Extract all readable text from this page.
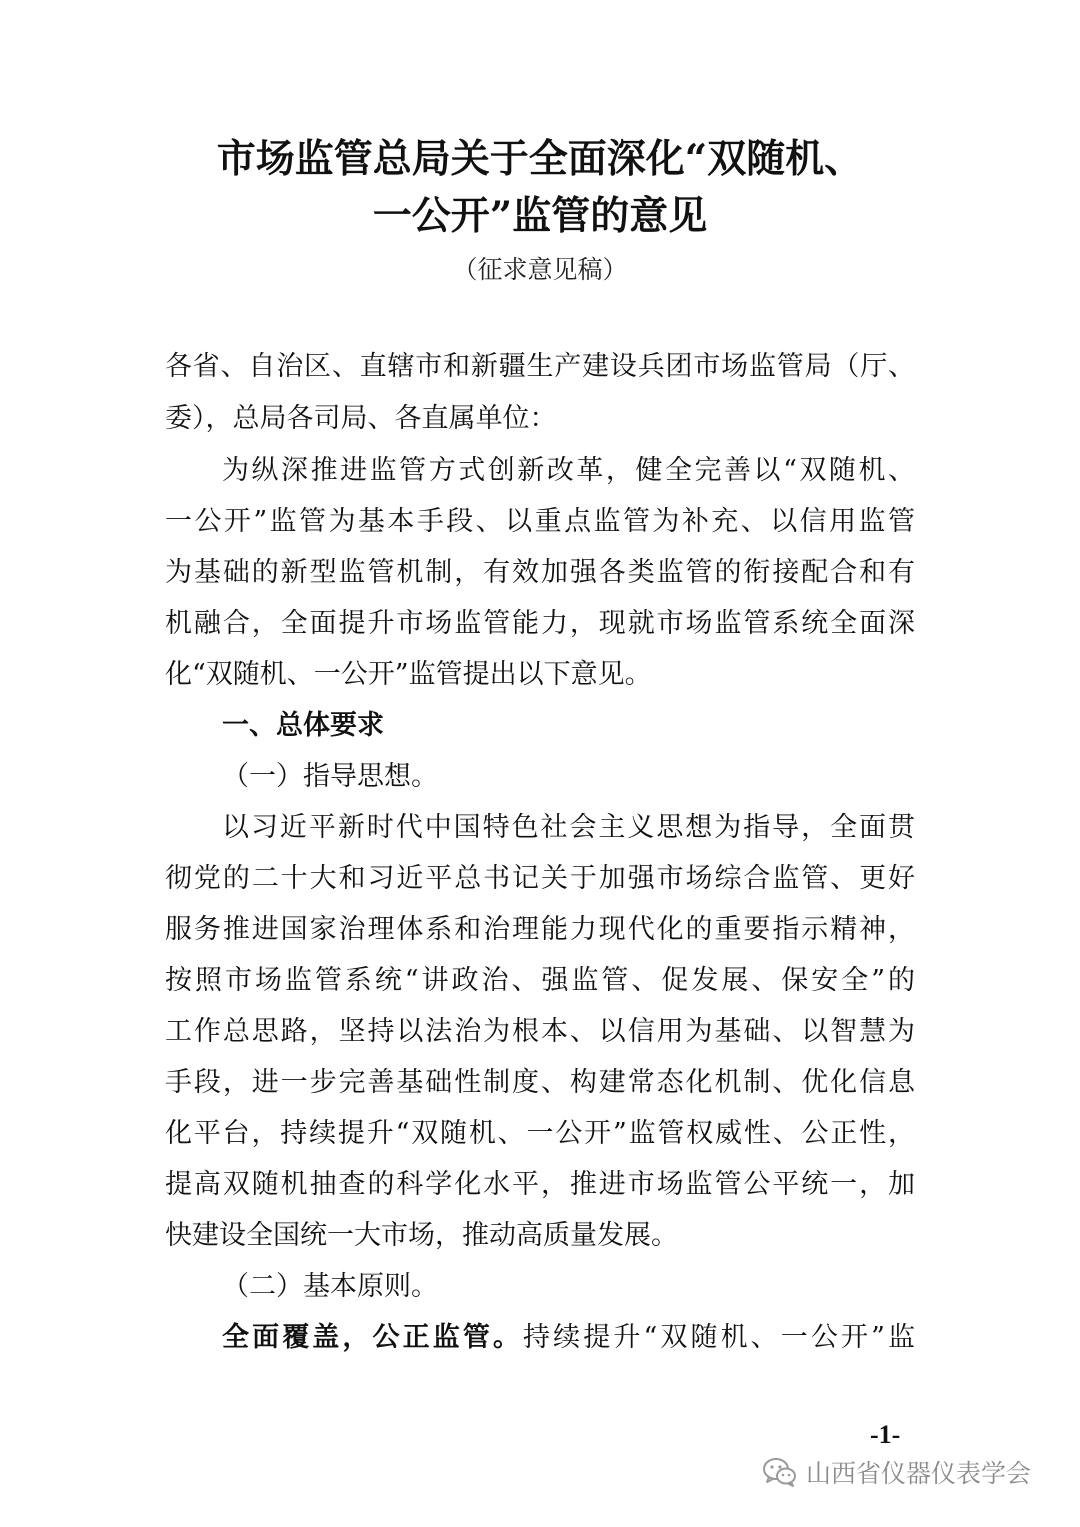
市场监管总局关于全面深化“双随机、
一公开”监管的意见
（征求意见稿）
各省、自治区、直辖市和新疆生产建设兵团市场监管局（厅、
委），总局各司局、各直属单位：
为纵深推进监管方式创新改革，健全完善以“双随机、
一公开”监管为基本手段、以重点监管为补充、以信用监管
为基础的新型监管机制，有效加强各类监管的衔接配合和有
机融合，全面提升市场监管能力，现就市场监管系统全面深
化“双随机、一公开”监管提出以下意见。
一、总体要求
（一）指导思想。
以习近平新时代中国特色社会主义思想为指导，全面贯
彻党的二十大和习近平总书记关于加强市场综合监管、更好
服务推进国家治理体系和治理能力现代化的重要指示精神，
按照市场监管系统“讲政治、强监管、促发展、保安全”的
工作总思路，坚持以法治为根本、以信用为基础、以智慧为
手段，进一步完善基础性制度、构建常态化机制、优化信息
化平台，持续提升“双随机、一公开”监管权威性、公正性，
提高双随机抽查的科学化水平，推进市场监管公平统一，加
快建设全国统一大市场，推动高质量发展。
（二）基本原则。
全面覆盖，公正监管。持续提升“双随机、一公开”监
-1-
山西省仪器仪表学会
